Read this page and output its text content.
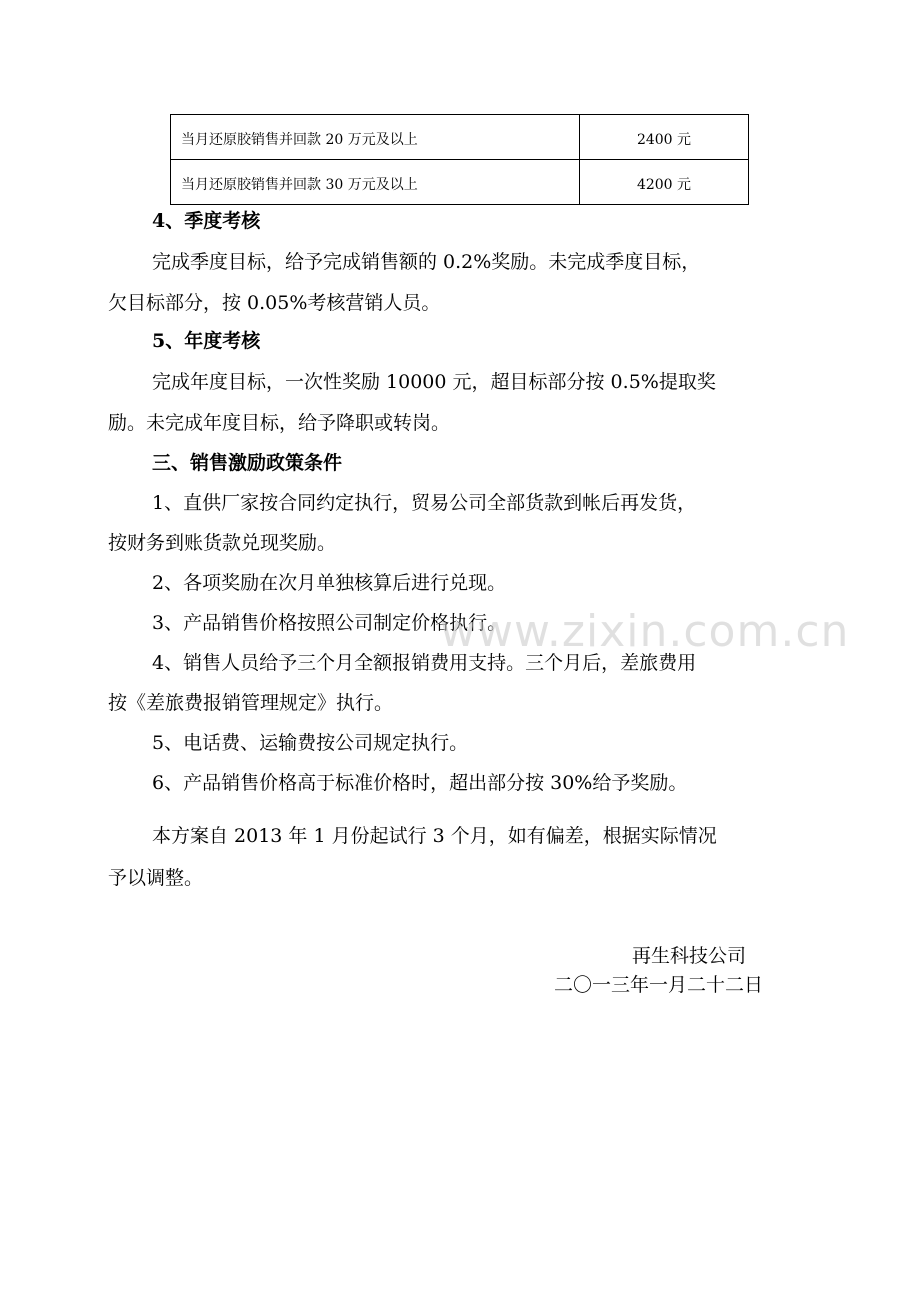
当月还原胶销售并回款 20 万元及以上	2400 元
当月还原胶销售并回款 30 万元及以上	4200 元
4、季度考核
完成季度目标，给予完成销售额的 0.2%奖励。未完成季度目标，
欠目标部分，按 0.05%考核营销人员。
5、年度考核
完成年度目标，一次性奖励 10000 元，超目标部分按 0.5%提取奖
励。未完成年度目标，给予降职或转岗。
三、销售激励政策条件
1、直供厂家按合同约定执行，贸易公司全部货款到帐后再发货，
按财务到账货款兑现奖励。
2、各项奖励在次月单独核算后进行兑现。
3、产品销售价格按照公司制定价格执行。
4、销售人员给予三个月全额报销费用支持。三个月后，差旅费用
按《差旅费报销管理规定》执行。
5、电话费、运输费按公司规定执行。
6、产品销售价格高于标准价格时，超出部分按 30%给予奖励。
本方案自 2013 年 1 月份起试行 3 个月，如有偏差，根据实际情况
予以调整。
再生科技公司
二〇一三年一月二十二日
www.zixin.com.cn
